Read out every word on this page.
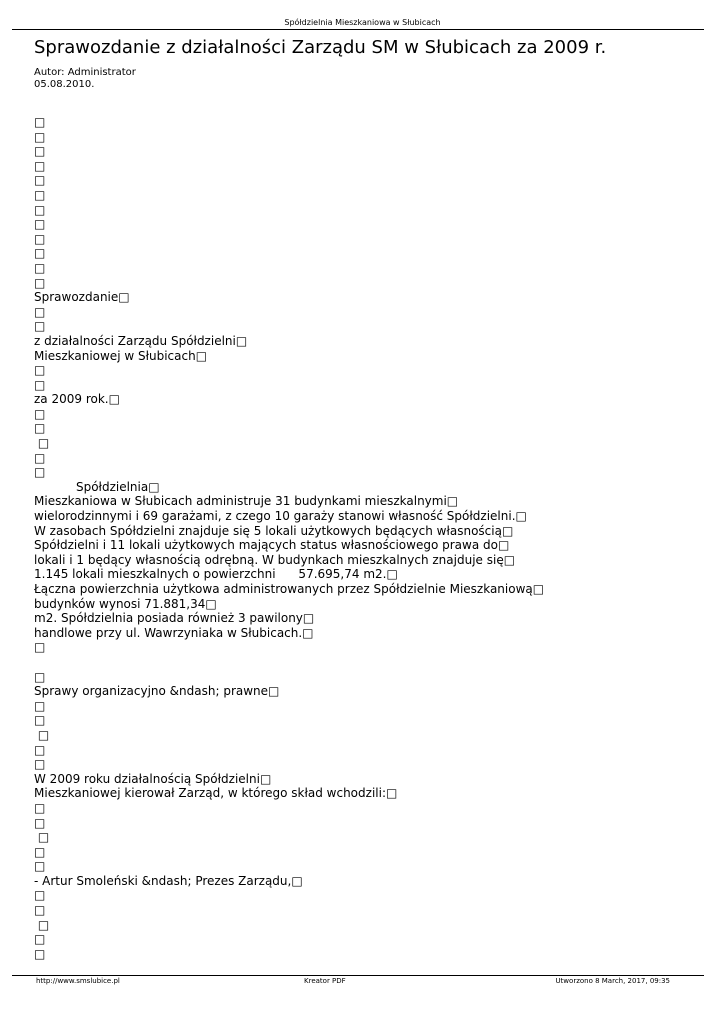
Spółdzielnia Mieszkaniowa w Słubicach
Sprawozdanie z działalności Zarządu SM w Słubicach za 2009 r.
Autor: Administrator
05.08.2010.
□
□
□
□
□
□
□
□
□
□
□
□
Sprawozdanie□
□
□
z działalności Zarządu Spółdzielni□
Mieszkaniowej w Słubicach□
□
□
za 2009 rok.□
□
□
□
□
□
Spółdzielnia□
Mieszkaniowa w Słubicach administruje 31 budynkami mieszkalnymi□
wielorodzinnymi i 69 garażami, z czego 10 garaży stanowi własność Spółdzielni.□
W zasobach Spółdzielni znajduje się 5 lokali użytkowych będących własnością□
Spółdzielni i 11 lokali użytkowych mających status własnościowego prawa do□
lokali i 1 będący własnością odrębną. W budynkach mieszkalnych znajduje się□
1.145 lokali mieszkalnych o powierzchni      57.695,74 m2.□
Łączna powierzchnia użytkowa administrowanych przez Spółdzielnie Mieszkaniową□
budynków wynosi 71.881,34□
m2. Spółdzielnia posiada również 3 pawilony□
handlowe przy ul. Wawrzyniaka w Słubicach.□
□
□
Sprawy organizacyjno &ndash; prawne□
□
□
□
□
□
W 2009 roku działalnością Spółdzielni□
Mieszkaniowej kierował Zarząd, w którego skład wchodzili:□
□
□
□
□
□
- Artur Smoleński &ndash; Prezes Zarządu,□
□
□
□
□
□
http://www.smslubice.pl	Kreator PDF	Utworzono 8 March, 2017, 09:35
